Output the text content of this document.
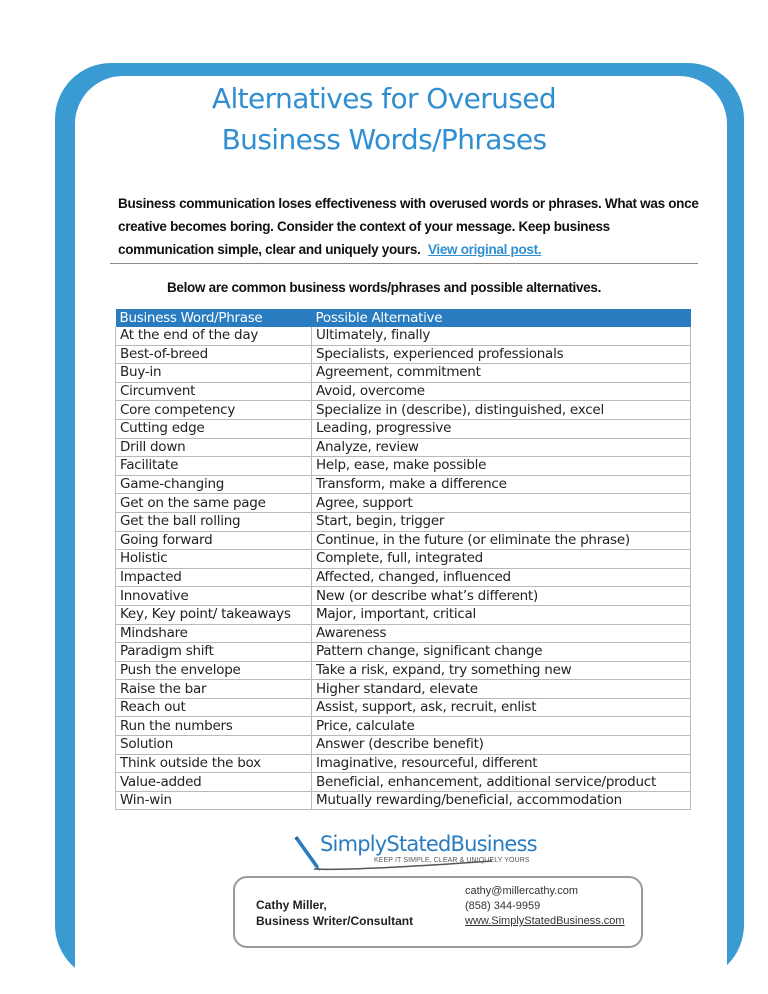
Alternatives for Overused
Business Words/Phrases
Business communication loses effectiveness with overused words or phrases. What was once creative becomes boring. Consider the context of your message. Keep business communication simple, clear and uniquely yours. View original post.
Below are common business words/phrases and possible alternatives.
Business Word/Phrase	Possible Alternative	
At the end of the day	Ultimately, finally	
Best-of-breed	Specialists, experienced professionals	
Buy-in	Agreement, commitment	
Circumvent	Avoid, overcome	
Core competency	Specialize in (describe), distinguished, excel	
Cutting edge	Leading, progressive	
Drill down	Analyze, review	
Facilitate	Help, ease, make possible	
Game-changing	Transform, make a difference	
Get on the same page	Agree, support	
Get the ball rolling	Start, begin, trigger	
Going forward	Continue, in the future (or eliminate the phrase)	
Holistic	Complete, full, integrated	
Impacted	Affected, changed, influenced	
Innovative	New (or describe what’s different)	
Key, Key point/ takeaways	Major, important, critical	
Mindshare	Awareness	
Paradigm shift	Pattern change, significant change	
Push the envelope	Take a risk, expand, try something new	
Raise the bar	Higher standard, elevate	
Reach out	Assist, support, ask, recruit, enlist	
Run the numbers	Price, calculate	
Solution	Answer (describe benefit)	
Think outside the box	Imaginative, resourceful, different	
Value-added	Beneficial, enhancement, additional service/product	
Win-win	Mutually rewarding/beneficial, accommodation	
SimplyStatedBusiness
KEEP IT SIMPLE, CLEAR & UNIQUELY YOURS
Cathy Miller,
Business Writer/Consultant
cathy@millercathy.com
(858) 344-9959
www.SimplyStatedBusiness.com
